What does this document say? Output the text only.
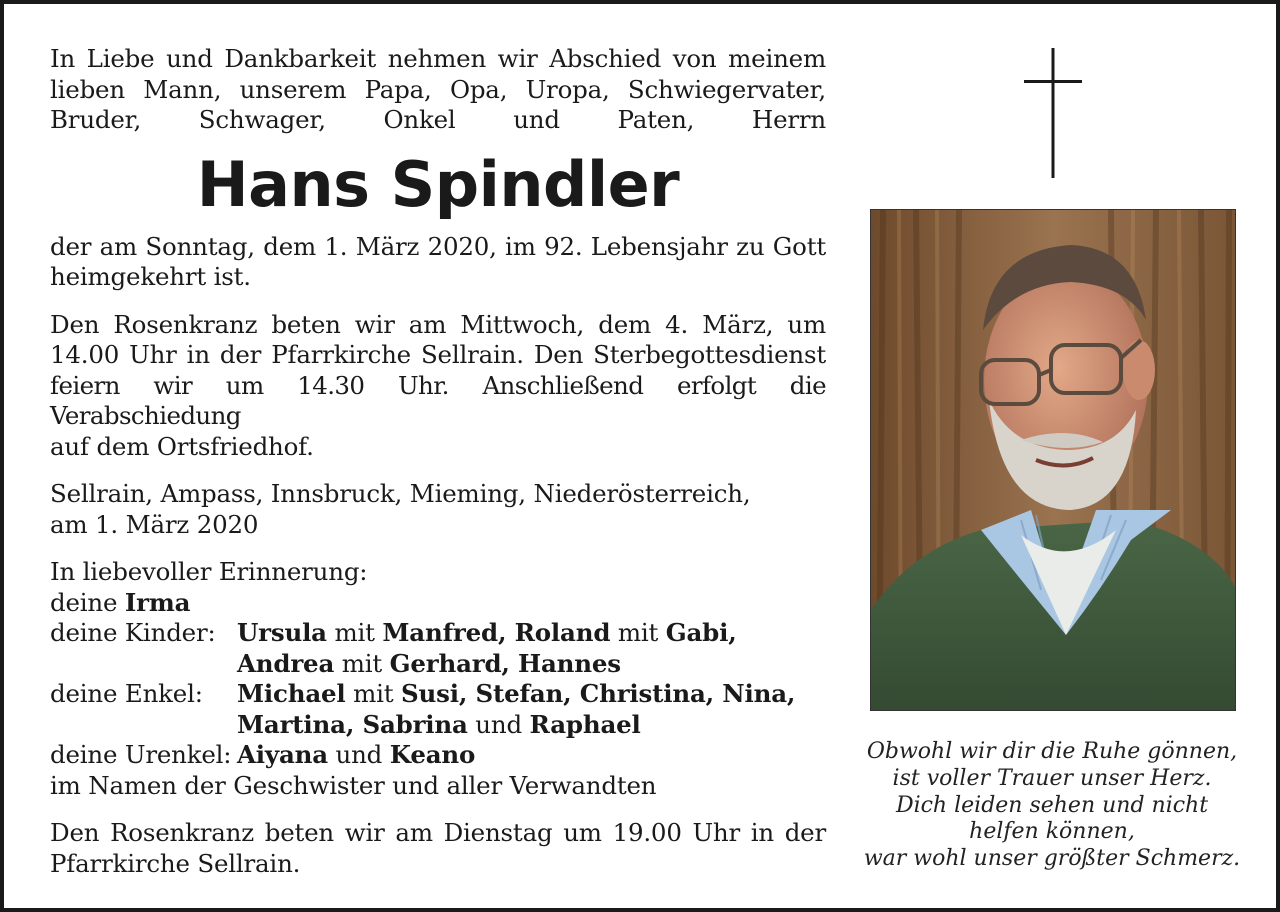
In Liebe und Dankbarkeit nehmen wir Abschied von meinem
lieben Mann, unserem Papa, Opa, Uropa, Schwiegervater,
Bruder, Schwager, Onkel und Paten, Herrn
Hans Spindler
der am Sonntag, dem 1. März 2020, im 92. Lebensjahr zu Gott
heimgekehrt ist.
Den Rosenkranz beten wir am Mittwoch, dem 4. März, um
14.00 Uhr in der Pfarrkirche Sellrain. Den Sterbegottesdienst
feiern wir um 14.30 Uhr. Anschließend erfolgt die Verabschiedung
auf dem Ortsfriedhof.
Sellrain, Ampass, Innsbruck, Mieming, Niederösterreich,
am 1. März 2020
In liebevoller Erinnerung:
deine Irma
deine Kinder: Ursula mit Manfred, Roland mit Gabi,
Andrea mit Gerhard, Hannes
deine Enkel:	Michael mit Susi, Stefan, Christina, Nina,
Martina, Sabrina und Raphael
deine Urenkel: Aiyana und Keano
im Namen der Geschwister und aller Verwandten
Den Rosenkranz beten wir am Dienstag um 19.00 Uhr in der
Pfarrkirche Sellrain.
Obwohl wir dir die Ruhe gönnen,
ist voller Trauer unser Herz.
Dich leiden sehen und nicht
helfen können,
war wohl unser größter Schmerz.
